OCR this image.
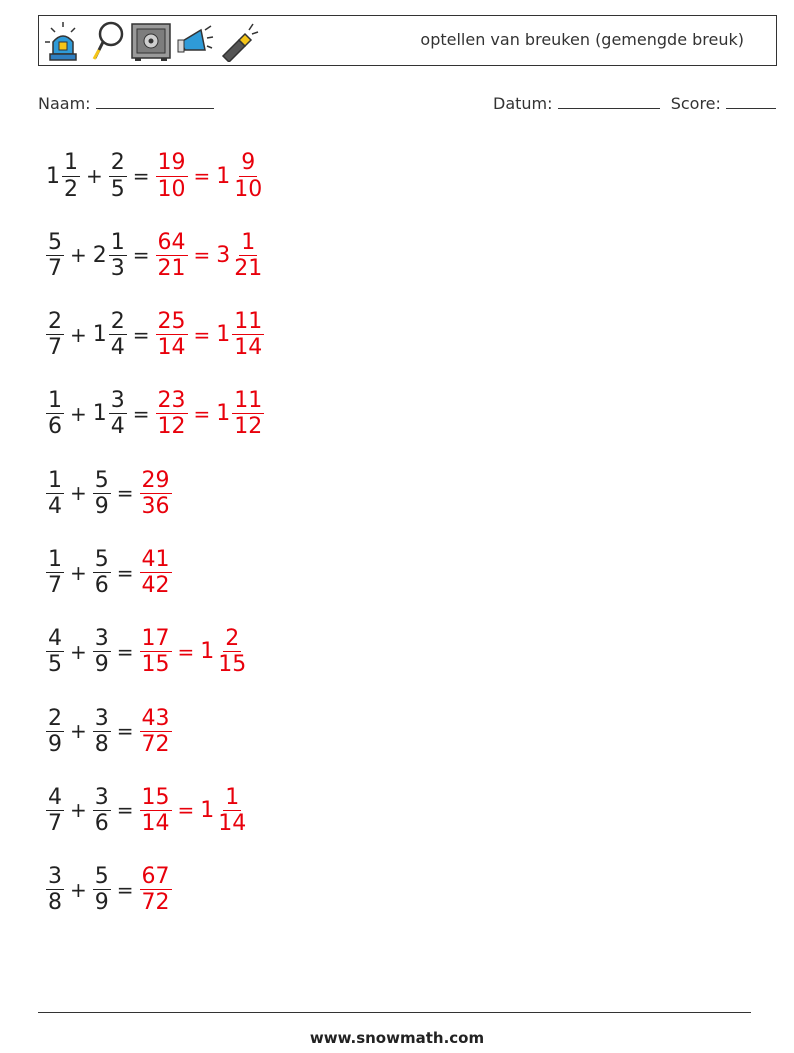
optellen van breuken (gemengde breuk)
Naam:	Datum:	Score:
$1 \frac{1}{2} + \frac{2}{5} = \frac{19}{10} = 1 \frac{9}{10}$
$\frac{5}{7} + 2 \frac{1}{3} = \frac{64}{21} = 3 \frac{1}{21}$
$\frac{2}{7} + 1 \frac{2}{4} = \frac{25}{14} = 1 \frac{11}{14}$
$\frac{1}{6} + 1 \frac{3}{4} = \frac{23}{12} = 1 \frac{11}{12}$
$\frac{1}{4} + \frac{5}{9} = \frac{29}{36}$
$\frac{1}{7} + \frac{5}{6} = \frac{41}{42}$
$\frac{4}{5} + \frac{3}{9} = \frac{17}{15} = 1 \frac{2}{15}$
$\frac{2}{9} + \frac{3}{8} = \frac{43}{72}$
$\frac{4}{7} + \frac{3}{6} = \frac{15}{14} = 1 \frac{1}{14}$
$\frac{3}{8} + \frac{5}{9} = \frac{67}{72}$
www.snowmath.com
